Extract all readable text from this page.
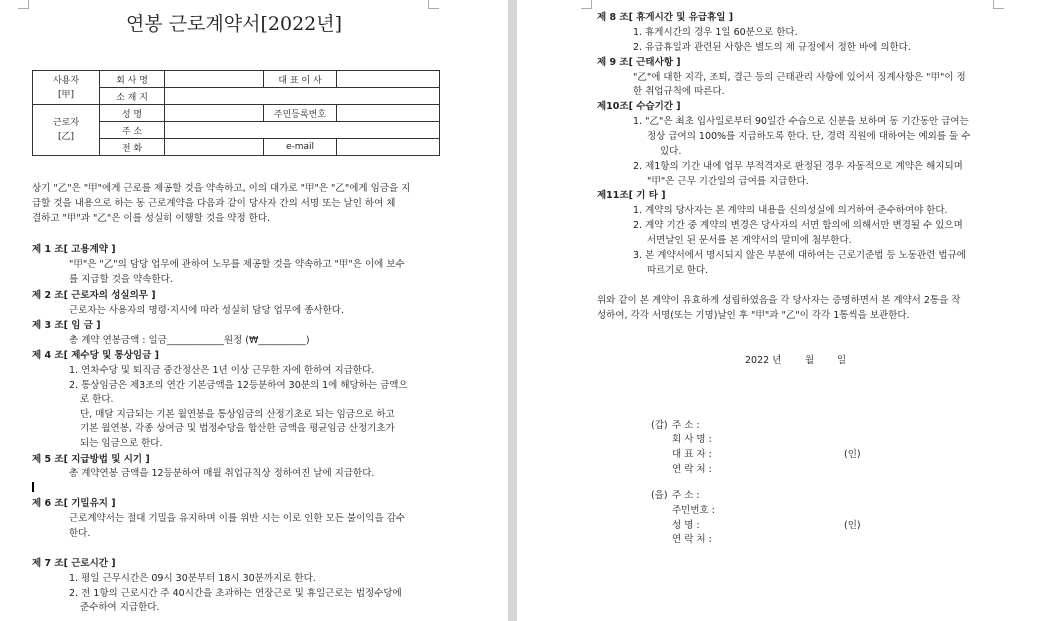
연봉 근로계약서[2022년]
사용자
[甲]	회 사 명		대 표 이 사	
	소 재 지			
근로자
[乙]	성 명		주민등록번호	
	주 소			
	전 화		e-mail	
상기 "乙"은 "甲"에게 근로를 제공할 것을 약속하고, 이의 대가로 "甲"은 "乙"에게 임금을 지
급할 것을 내용으로 하는 동 근로계약을 다음과 같이 당사자 간의 서명 또는 날인 하여 체
결하고 "甲"과 "乙"은 이를 성실히 이행할 것을 약정 한다.
제 1 조[ 고용계약 ]
"甲"은 "乙"의 담당 업무에 관하여 노무를 제공할 것을 약속하고 "甲"은 이에 보수
를 지급할 것을 약속한다.
제 2 조[ 근로자의 성실의무 ]
근로자는 사용자의 명령·지시에 따라 성실히 담당 업무에 종사한다.
제 3 조[ 임 금 ]
총 계약 연봉금액 : 일금____________원정 (₩__________)
제 4 조[ 제수당 및 통상임금 ]
1. 연차수당 및 퇴직금 중간정산은 1년 이상 근무한 자에 한하여 지급한다.
2. 통상임금은 제3조의 연간 기본금액을 12등분하여 30분의 1에 해당하는 금액으
로 한다.
단, 매달 지급되는 기본 월연봉을 통상임금의 산정기초로 되는 임금으로 하고
기본 월연봉, 각종 상여금 및 법정수당을 합산한 금액을 평균임금 산정기초가
되는 임금으로 한다.
제 5 조[ 지급방법 및 시기 ]
총 계약연봉 금액을 12등분하여 매월 취업규칙상 정하여진 날에 지급한다.
제 6 조[ 기밀유지 ]
근로계약서는 절대 기밀을 유지하며 이를 위반 시는 이로 인한 모든 불이익을 감수
한다.
제 7 조[ 근로시간 ]
1. 평일 근무시간은 09시 30분부터 18시 30분까지로 한다.
2. 전 1항의 근로시간 주 40시간을 초과하는 연장근로 및 휴일근로는 법정수당에
준수하여 지급한다.
제 8 조[ 휴게시간 및 유급휴일 ]
1. 휴게시간의 경우 1일 60분으로 한다.
2. 유급휴일과 관련된 사항은 별도의 제 규정에서 정한 바에 의한다.
제 9 조[ 근태사항 ]
"乙"에 대한 지각, 조퇴, 결근 등의 근태관리 사항에 있어서 징계사항은 "甲"이 정
한 취업규칙에 따른다.
제10조[ 수습기간 ]
1. "乙"은 최초 입사일로부터 90일간 수습으로 신분을 보하며 동 기간동안 급여는
정상 급여의 100%를 지급하도록 한다. 단, 경력 직원에 대하여는 예외를 둘 수
있다.
2. 제1항의 기간 내에 업무 부적격자로 판정된 경우 자동적으로 계약은 해지되며
"甲"은 근무 기간일의 급여를 지급한다.
제11조[ 기 타 ]
1. 계약의 당사자는 본 계약의 내용을 신의성실에 의거하여 준수하여야 한다.
2. 계약 기간 중 계약의 변경은 당사자의 서면 합의에 의해서만 변경될 수 있으며
서면날인 된 문서를 본 계약서의 말미에 첨부한다.
3. 본 계약서에서 명시되지 않은 부분에 대하여는 근로기준법 등 노동관련 법규에
따르기로 한다.
위와 같이 본 계약이 유효하게 성립하였음을 각 당사자는 증명하면서 본 계약서 2통을 작
성하여, 각각 서명(또는 기명)날인 후 "甲"과 "乙"이 각각 1통씩을 보관한다.
2022 년 월 일
(갑) 주 소 :
회 사 명 :
대 표 자 :	(인)
연 락 처 :
(을) 주 소 :
주민번호 :
성 명 :	(인)
연 락 처 :
